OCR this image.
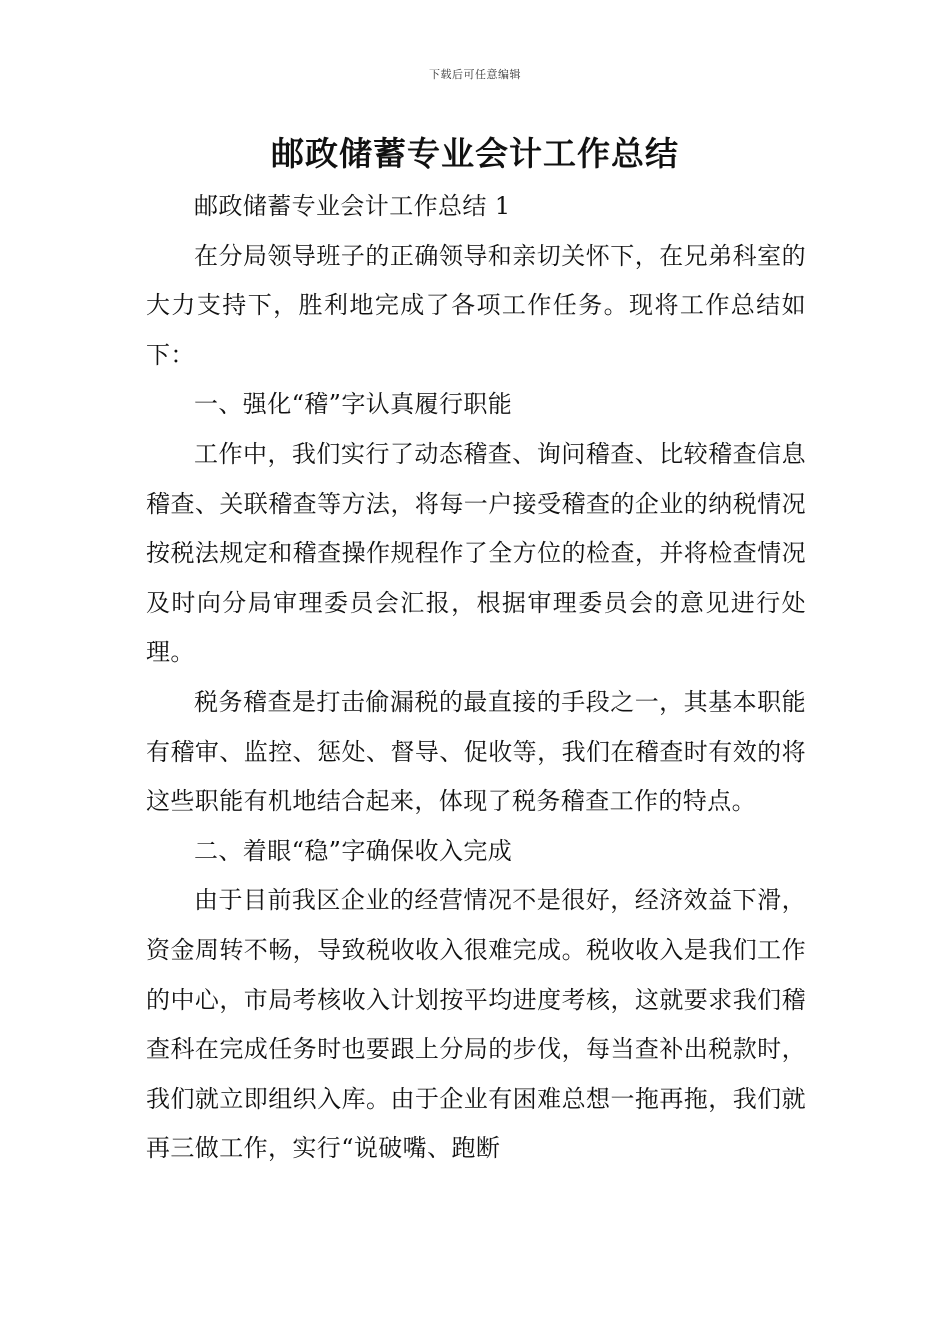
下载后可任意编辑
邮政储蓄专业会计工作总结

邮政储蓄专业会计工作总结 1

在分局领导班子的正确领导和亲切关怀下，在兄弟科室的大力支持下，胜利地完成了各项工作任务。现将工作总结如下：

一、强化“稽”字认真履行职能

工作中，我们实行了动态稽查、询问稽查、比较稽查信息稽查、关联稽查等方法，将每一户接受稽查的企业的纳税情况按税法规定和稽查操作规程作了全方位的检查，并将检查情况及时向分局审理委员会汇报，根据审理委员会的意见进行处理。

税务稽查是打击偷漏税的最直接的手段之一，其基本职能有稽审、监控、惩处、督导、促收等，我们在稽查时有效的将这些职能有机地结合起来，体现了税务稽查工作的特点。

二、着眼“稳”字确保收入完成

由于目前我区企业的经营情况不是很好，经济效益下滑，资金周转不畅，导致税收收入很难完成。税收收入是我们工作的中心，市局考核收入计划按平均进度考核，这就要求我们稽查科在完成任务时也要跟上分局的步伐，每当查补出税款时，我们就立即组织入库。由于企业有困难总想一拖再拖，我们就再三做工作，实行“说破嘴、跑断
